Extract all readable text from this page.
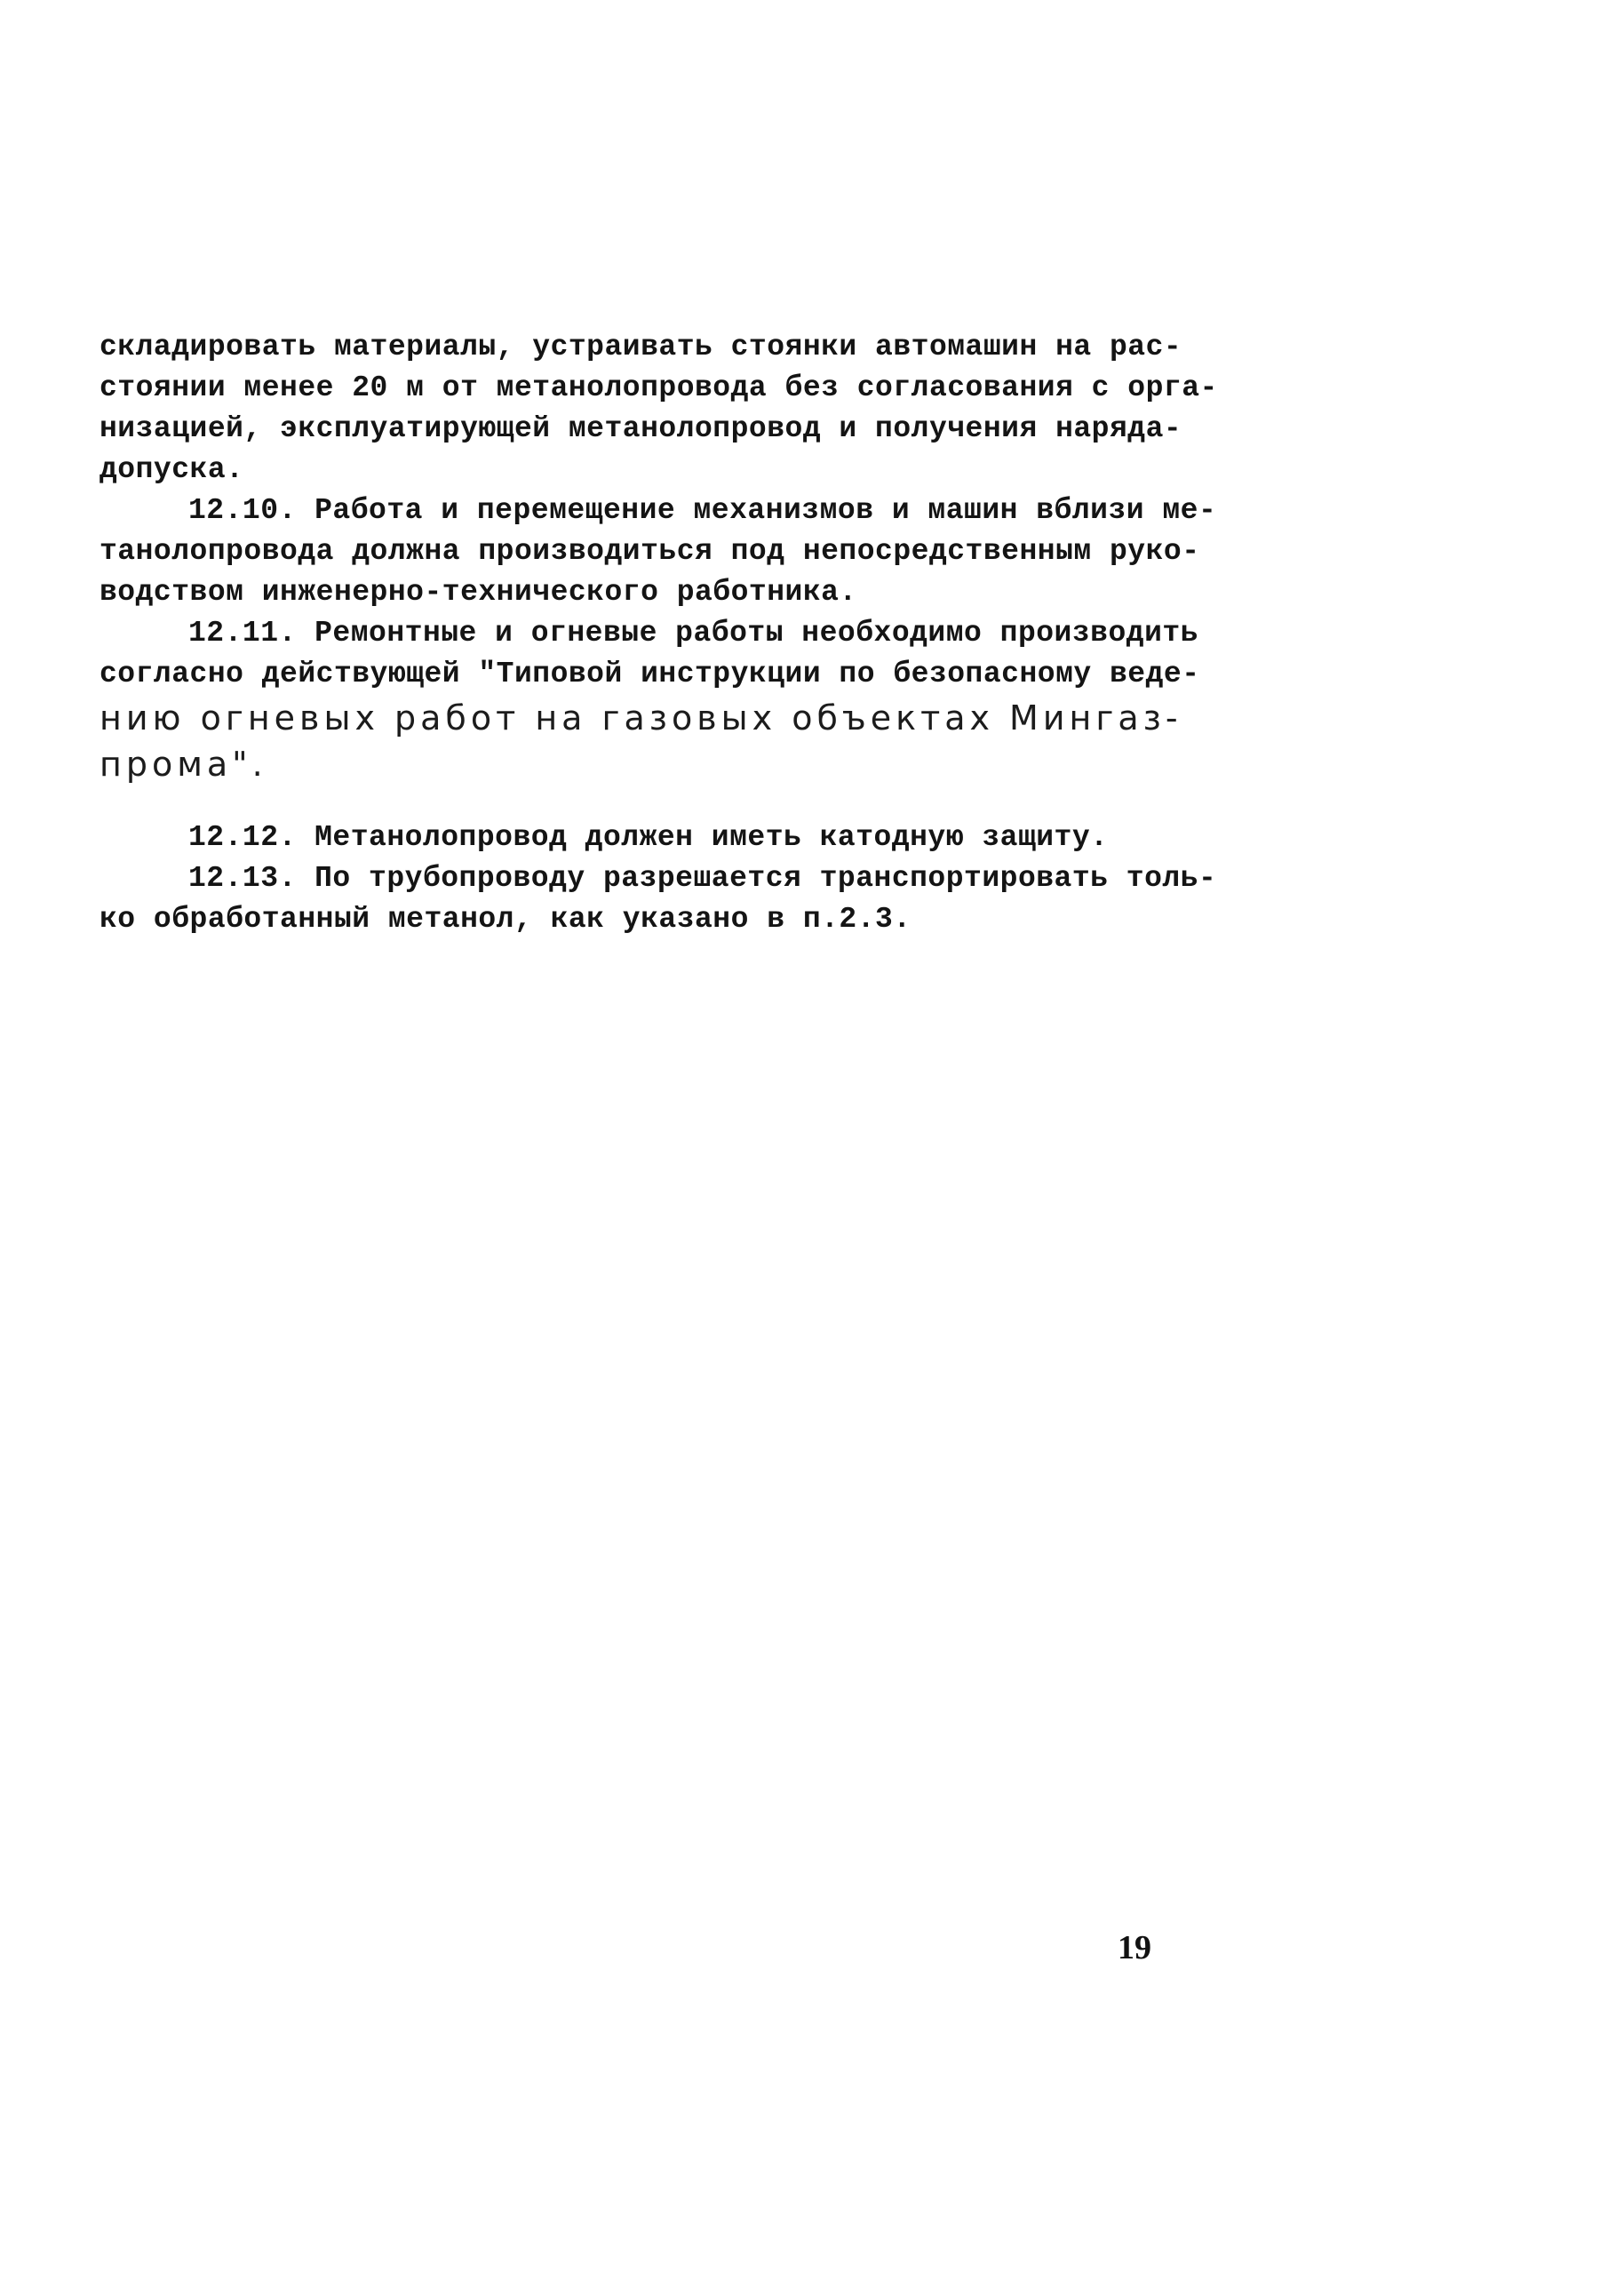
складировать материалы, устраивать стоянки автомашин на рас-
стоянии менее 20 м от метанолопровода без согласования с орга-
низацией, эксплуатирующей метанолопровод и получения наряда-
допуска.
12.10. Работа и перемещение механизмов и машин вблизи ме-
танолопровода должна производиться под непосредственным руко-
водством инженерно-технического работника.
12.11. Ремонтные и огневые работы необходимо производить
согласно действующей "Типовой инструкции по безопасному веде-
нию огневых работ на газовых объектах Мингаз-
прома".
12.12. Метанолопровод должен иметь катодную защиту.
12.13. По трубопроводу разрешается транспортировать толь-
ко обработанный метанол, как указано в п.2.3.
19
